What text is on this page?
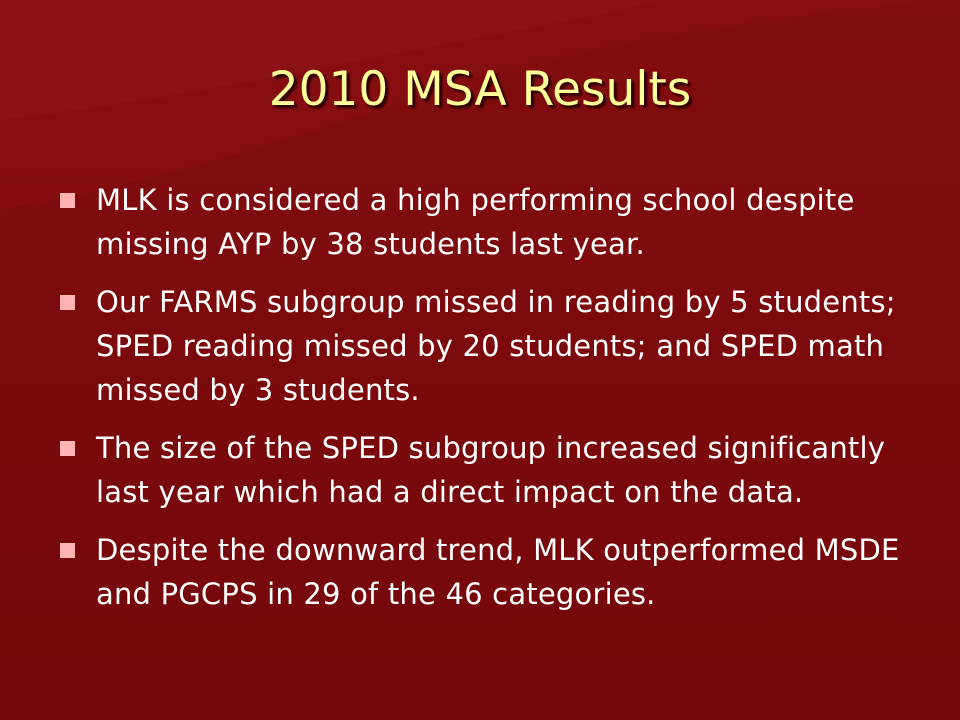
2010 MSA Results
MLK is considered a high performing school despite missing AYP by 38 students last year.
Our FARMS subgroup missed in reading by 5 students; SPED reading missed by 20 students; and SPED math missed by 3 students.
The size of the SPED subgroup increased significantly last year which had a direct impact on the data.
Despite the downward trend, MLK outperformed MSDE and PGCPS in 29 of the 46 categories.
